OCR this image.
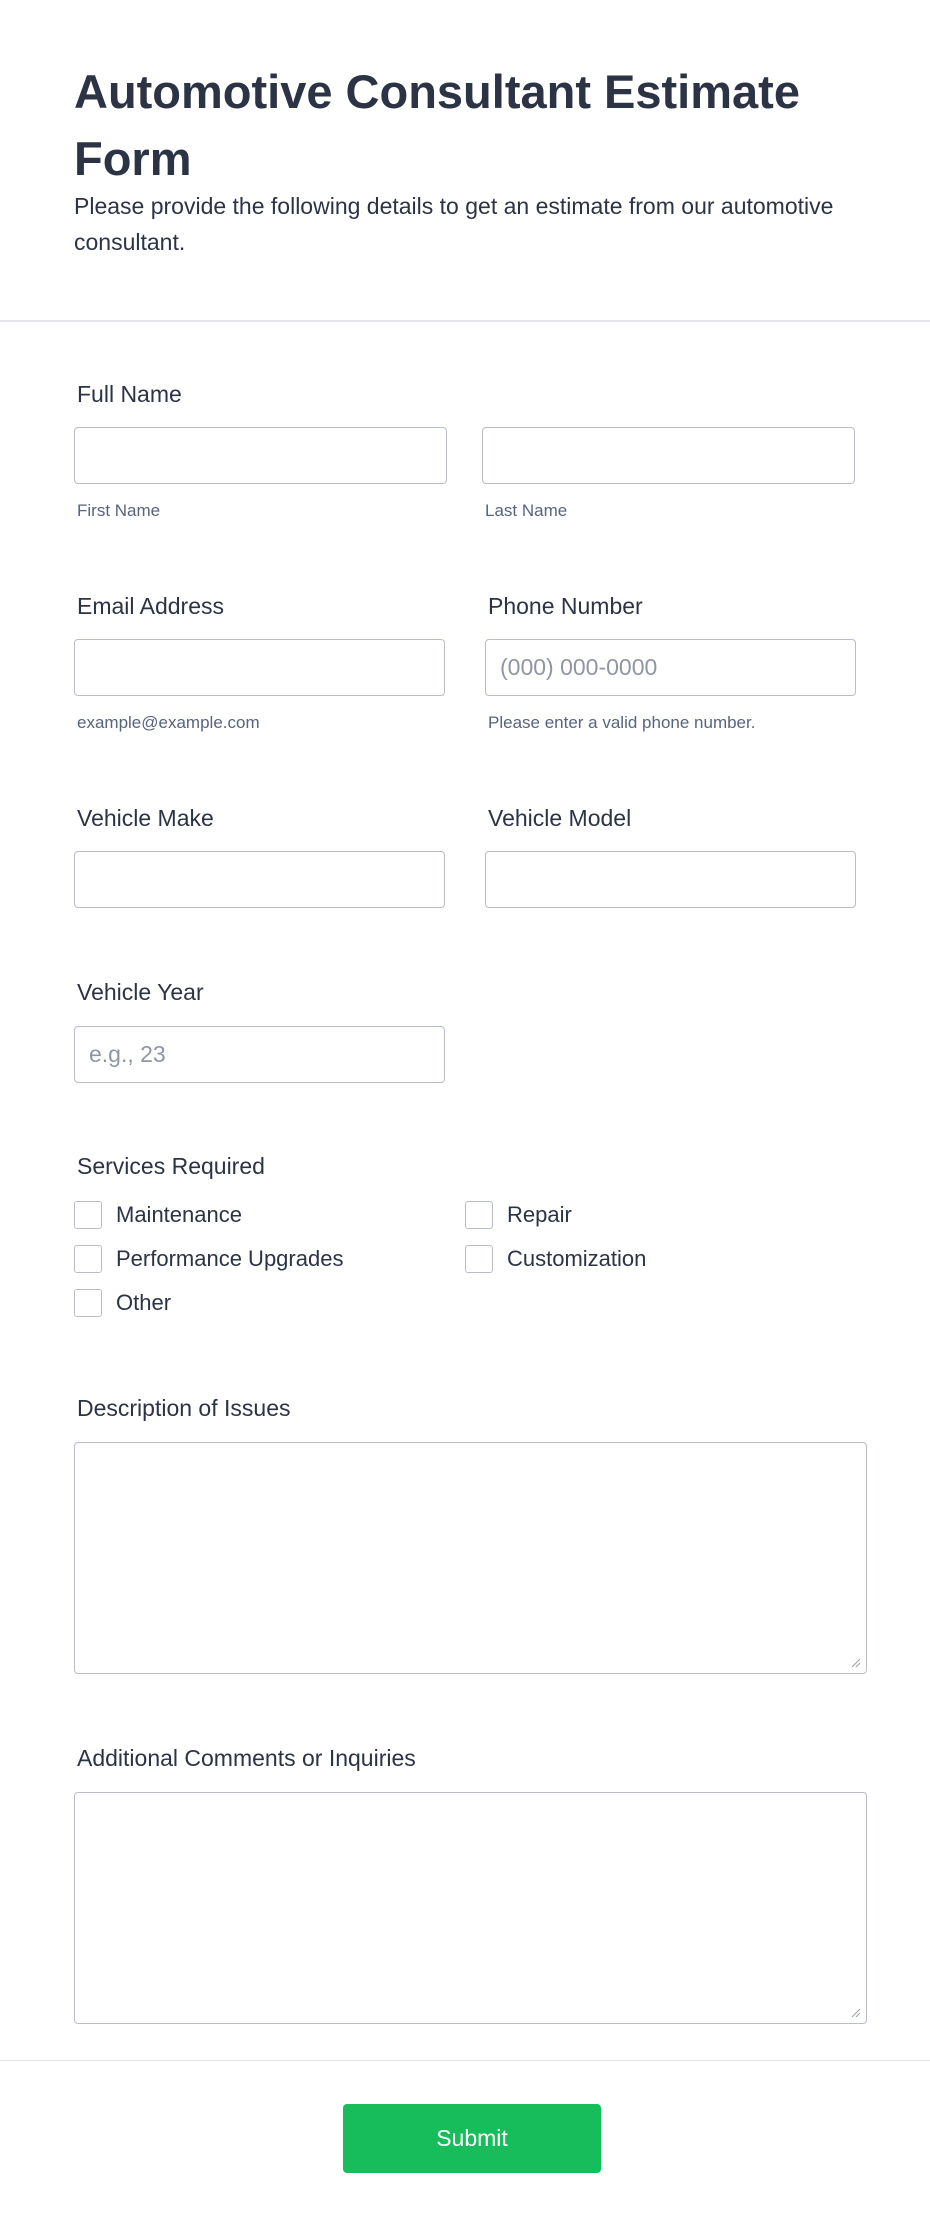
Automotive Consultant Estimate Form

Please provide the following details to get an estimate from our automotive consultant.

Full Name
First Name	Last Name
Email Address
example@example.com
Phone Number
(000) 000-0000
Please enter a valid phone number.
Vehicle Make	Vehicle Model
Vehicle Year
e.g., 23
Services Required
Maintenance	Repair
Performance Upgrades	Customization
Other
Description of Issues
Additional Comments or Inquiries
Submit
